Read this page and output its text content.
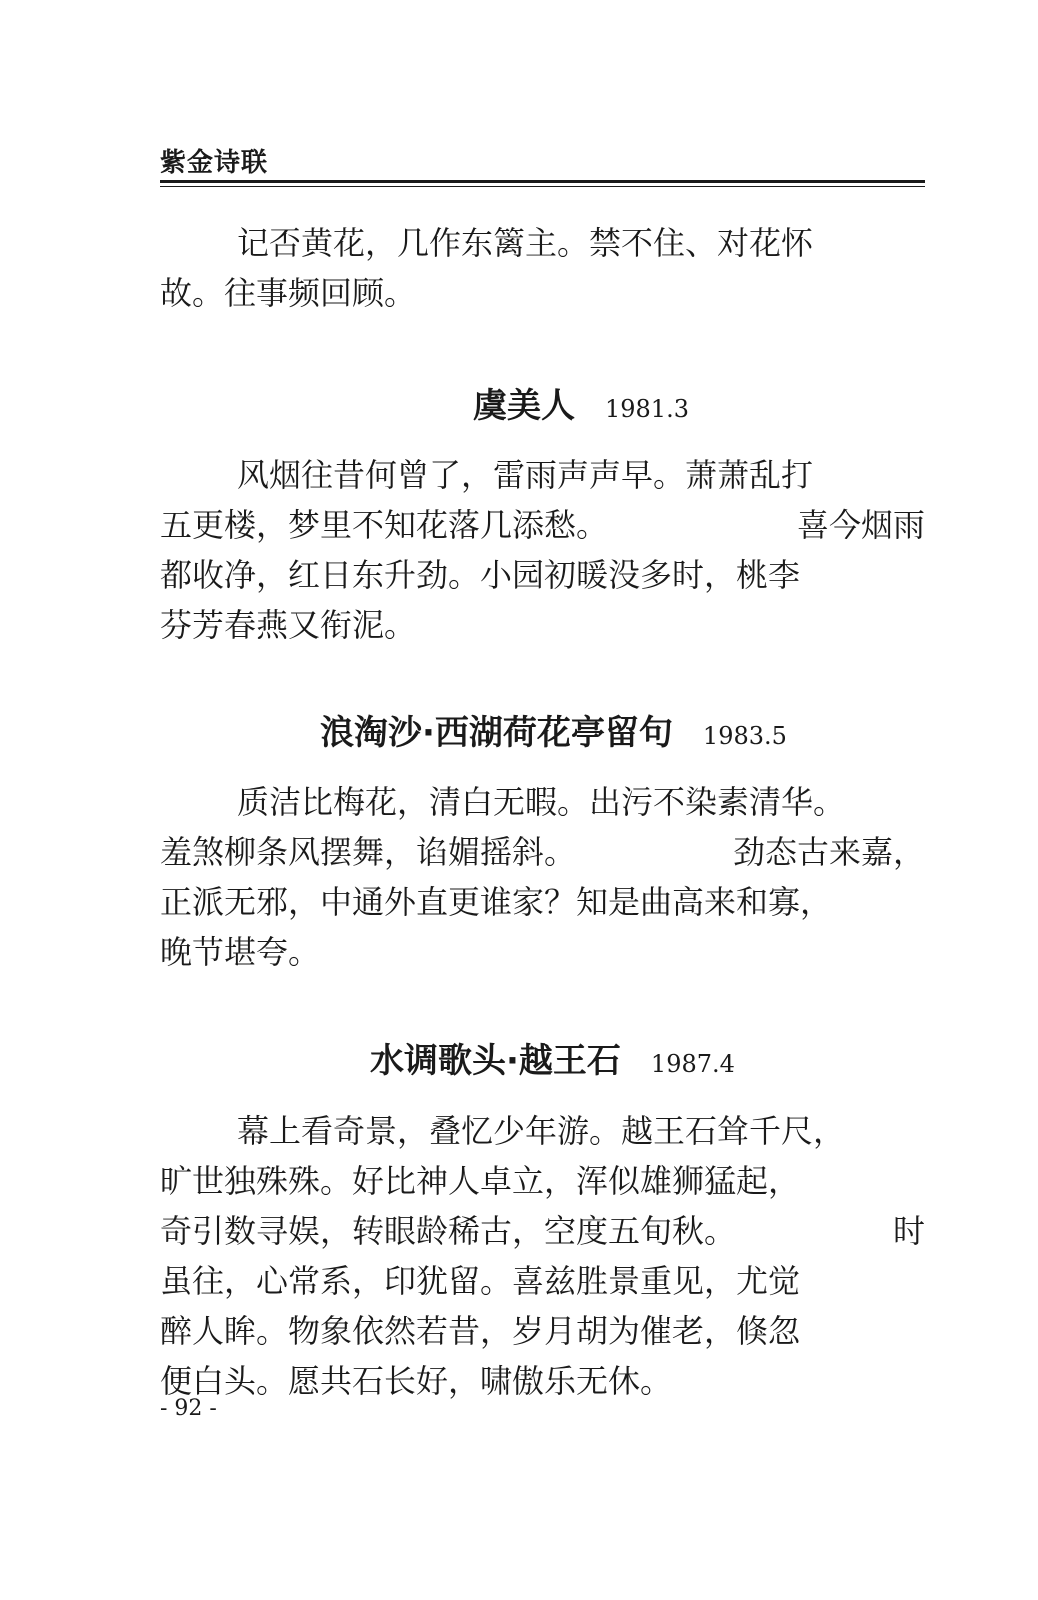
紫金诗联
记否黄花，几作东篱主。禁不住、对花怀
故。往事频回顾。
虞美人 1981.3
风烟往昔何曾了，雷雨声声早。萧萧乱打
五更楼，梦里不知花落几添愁。	喜今烟雨
都收净，红日东升劲。小园初暖没多时，桃李
芬芳春燕又衔泥。
浪淘沙·西湖荷花亭留句 1983.5
质洁比梅花，清白无暇。出污不染素清华。
羞煞柳条风摆舞，谄媚摇斜。	劲态古来嘉，
正派无邪，中通外直更谁家？知是曲高来和寡，
晚节堪夸。
水调歌头·越王石 1987.4
幕上看奇景，叠忆少年游。越王石耸千尺，
旷世独殊殊。好比神人卓立，浑似雄狮猛起，
奇引数寻娱，转眼龄稀古，空度五旬秋。	时
虽往，心常系，印犹留。喜兹胜景重见，尤觉
醉人眸。物象依然若昔，岁月胡为催老，倏忽
便白头。愿共石长好，啸傲乐无休。
- 92 -
